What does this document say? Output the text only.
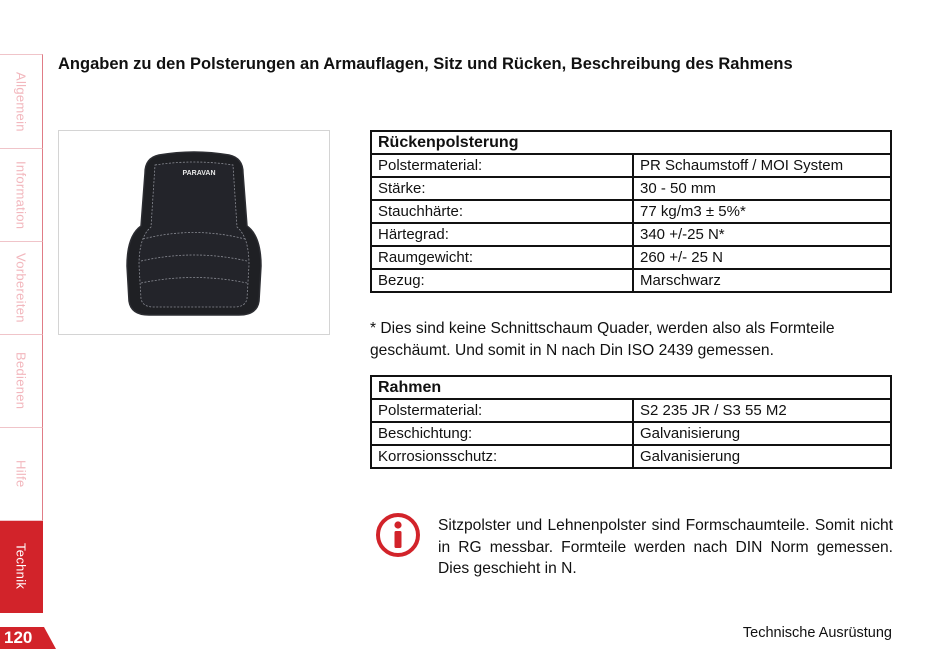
Allgemein
Information
Vorbereiten
Bedienen
Hilfe
Technik
120
Angaben zu den Polsterungen an Armauflagen, Sitz und Rücken, Beschreibung des Rahmens
PARAVAN
Rückenpolsterung	
Polstermaterial:	PR Schaumstoff / MOI System
Stärke:	30 - 50 mm
Stauchhärte:	77 kg/m3 ± 5%*
Härtegrad:	340 +/-25 N*
Raumgewicht:	260 +/- 25 N
Bezug:	Marschwarz
* Dies sind keine Schnittschaum Quader, werden also als Formteile geschäumt. Und somit in N nach Din ISO 2439 gemessen.
Rahmen	
Polstermaterial:	S2 235 JR / S3 55 M2
Beschichtung:	Galvanisierung
Korrosionsschutz:	Galvanisierung
Sitzpolster und Lehnenpolster sind Formschaumteile. Somit nicht in RG messbar. Formteile werden nach DIN Norm gemessen. Dies geschieht in N.
Technische Ausrüstung
